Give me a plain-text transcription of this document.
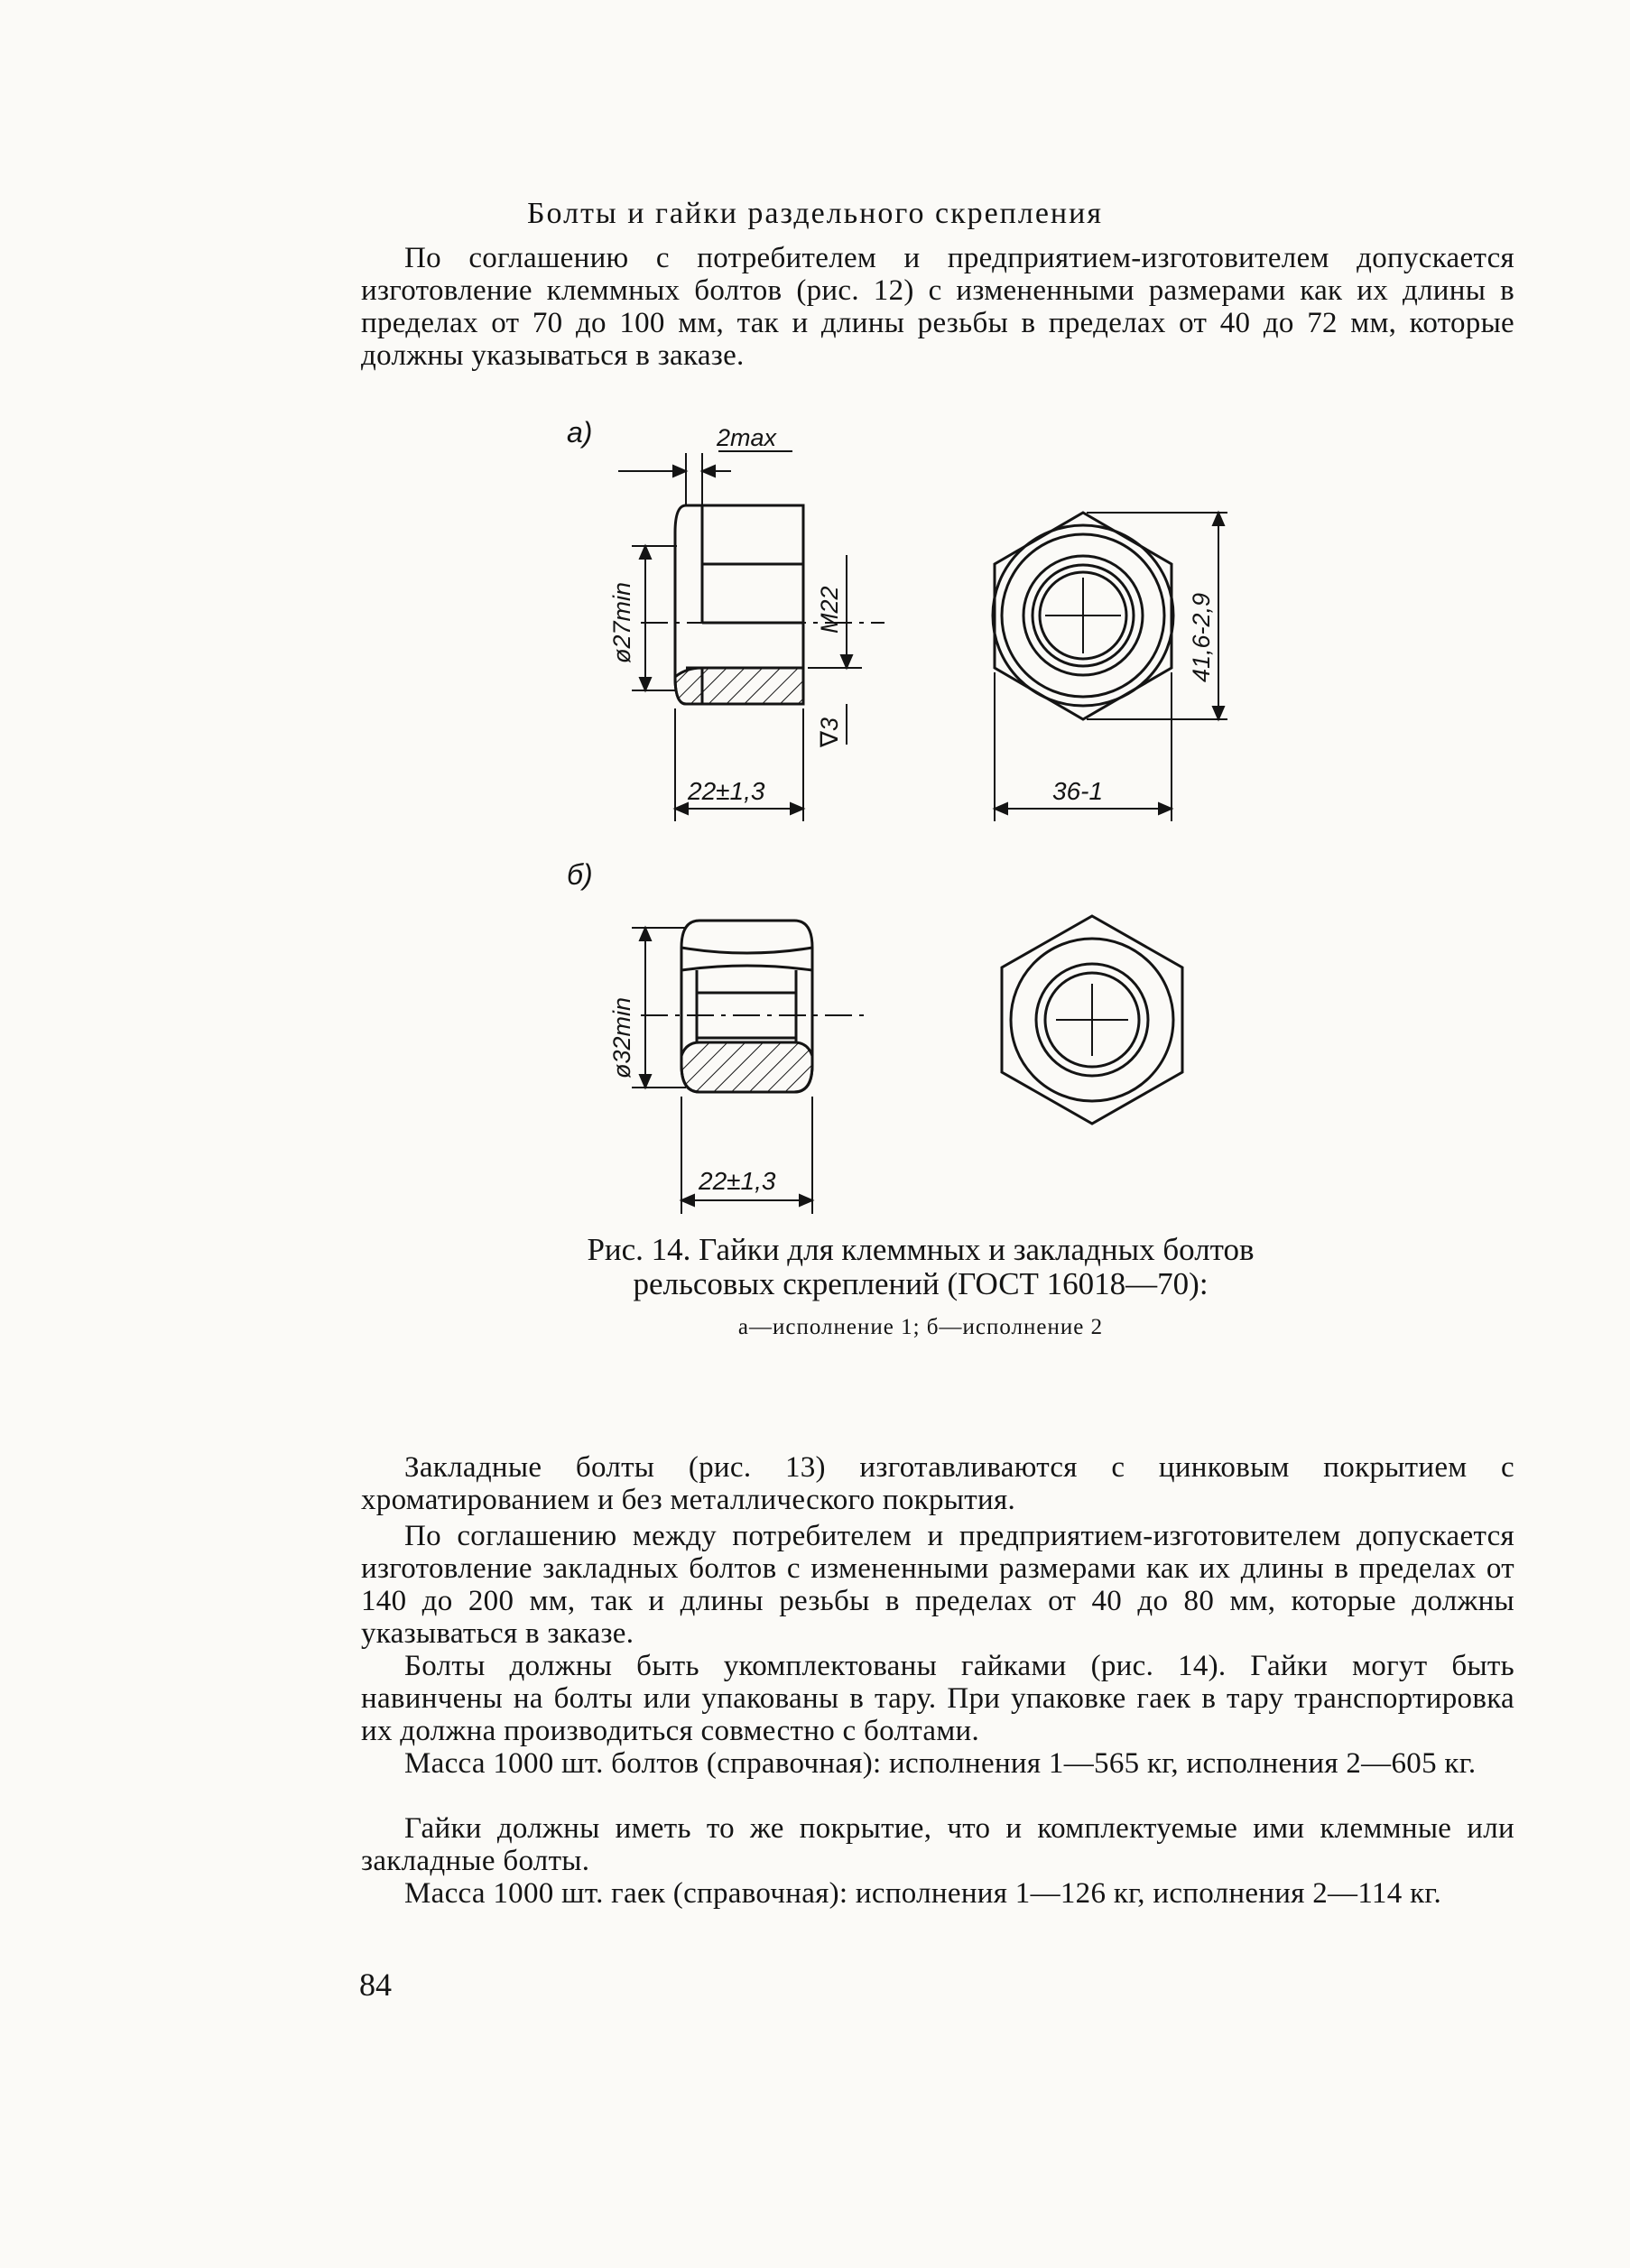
Болты и гайки раздельного скрепления
По соглашению с потребителем и предприятием-изготовителем допускается изготовление клеммных болтов (рис. 12) с измененными размерами как их длины в пределах от 70 до 100 мм, так и длины резьбы в пределах от 40 до 72 мм, которые должны указываться в заказе.
а)	2max
ø27min	M22
∇3
22±1,3
41,6-2,9
36-1
б)
ø32min
22±1,3
Рис. 14. Гайки для клеммных и закладных болтов рельсовых скреплений (ГОСТ 16018—70):
а—исполнение 1; б—исполнение 2
Закладные болты (рис. 13) изготавливаются с цинковым покрытием с хроматированием и без металлического покрытия.
По соглашению между потребителем и предприятием-изготовителем допускается изготовление закладных болтов с измененными размерами как их длины в пределах от 140 до 200 мм, так и длины резьбы в пределах от 40 до 80 мм, которые должны указываться в заказе.
Болты должны быть укомплектованы гайками (рис. 14). Гайки могут быть навинчены на болты или упакованы в тару. При упаковке гаек в тару транспортировка их должна производиться совместно с болтами.
Масса 1000 шт. болтов (справочная): исполнения 1—565 кг, исполнения 2—605 кг.
Гайки должны иметь то же покрытие, что и комплектуемые ими клеммные или закладные болты.
Масса 1000 шт. гаек (справочная): исполнения 1—126 кг, исполнения 2—114 кг.
84
